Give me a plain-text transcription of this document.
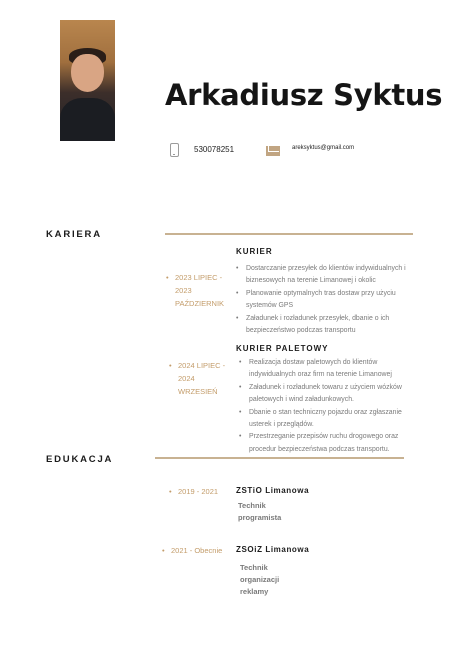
Arkadiusz Syktus
530078251	areksyktus@gmail.com
KARIERA
• 2023 LIPIEC -
2023
PAŹDZIERNIK
KURIER
• Dostarczanie przesyłek do klientów indywidualnych i
biznesowych na terenie Limanowej i okolic
• Planowanie optymalnych tras dostaw przy użyciu
systemów GPS
• Załadunek i rozładunek przesyłek, dbanie o ich
bezpieczeństwo podczas transportu
• 2024 LIPIEC -
2024
WRZESIEŃ
KURIER PALETOWY
• Realizacja dostaw paletowych do klientów
indywidualnych oraz firm na terenie Limanowej
• Załadunek i rozładunek towaru z użyciem wózków
paletowych i wind załadunkowych.
• Dbanie o stan techniczny pojazdu oraz zgłaszanie
usterek i przeglądów.
• Przestrzeganie przepisów ruchu drogowego oraz
procedur bezpieczeństwa podczas transportu.
EDUKACJA
• 2019 - 2021 ZSTiO Limanowa
Technik
programista
• 2021 - Obecnie ZSOiZ Limanowa
Technik
organizacji
reklamy
